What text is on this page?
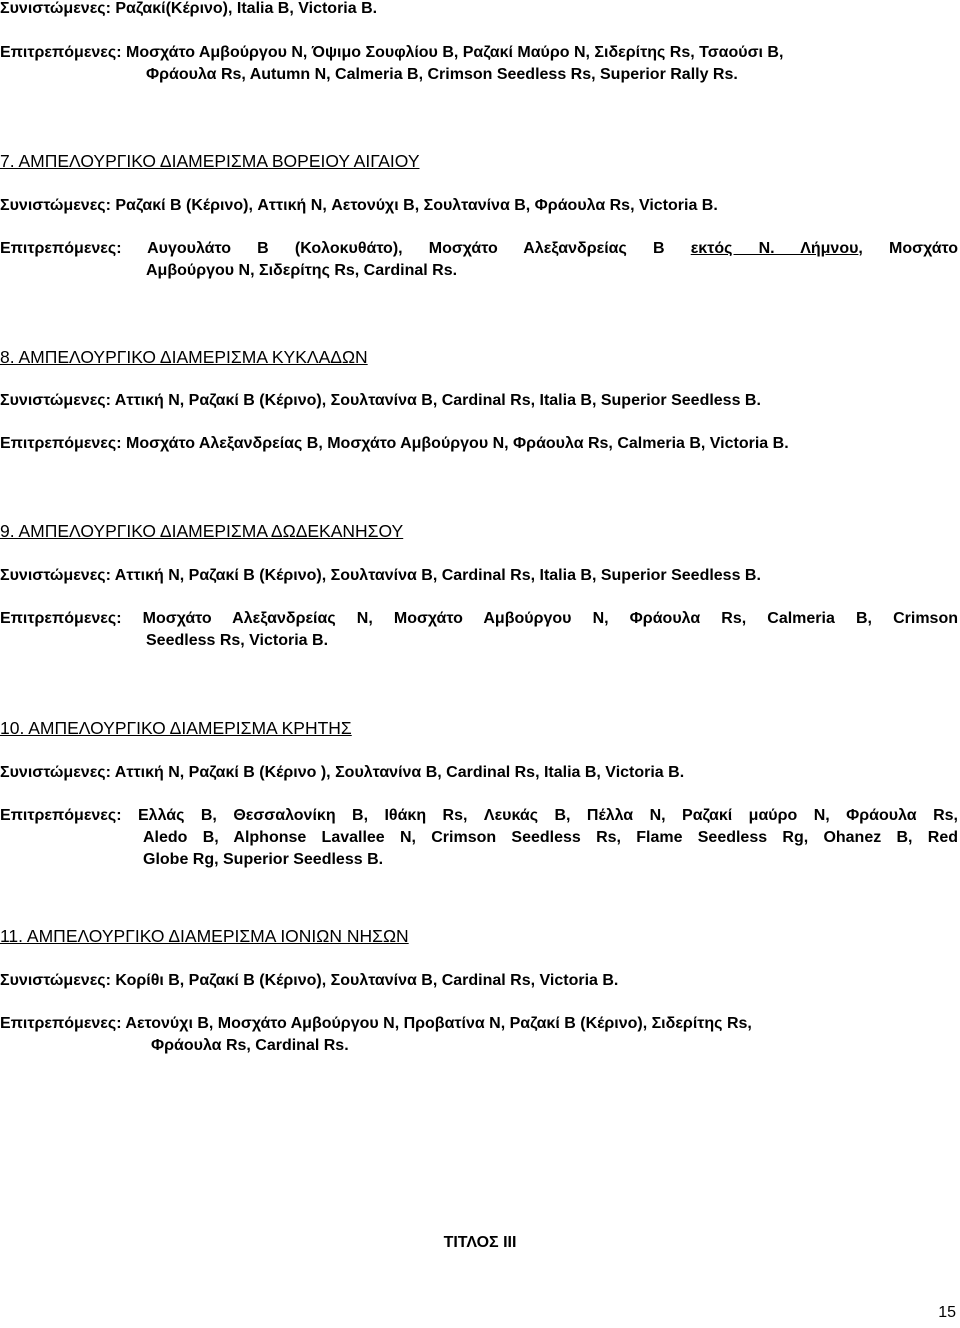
Συνιστώμενες: Ραζακί(Κέρινο), Italia B, Victoria B.
Επιτρεπόμενες: Μοσχάτο Αμβούργου N, Όψιμο Σουφλίου B, Ραζακί Μαύρο N, Σιδερίτης Rs, Τσαούσι B,
Φράουλα Rs, Autumn N, Calmeria B, Crimson Seedless Rs, Superior Rally Rs.
7. ΑΜΠΕΛΟΥΡΓΙΚΟ ΔΙΑΜΕΡΙΣΜΑ ΒΟΡΕΙΟΥ ΑΙΓΑΙΟΥ
Συνιστώμενες: Ραζακί B (Κέρινο), Αττική N, Αετονύχι B, Σουλτανίνα B, Φράουλα Rs, Victoria B.
Επιτρεπόμενες: Αυγουλάτο B (Κολοκυθάτο), Μοσχάτο Αλεξανδρείας B εκτός Ν. Λήμνου, Μοσχάτο
Αμβούργου N, Σιδερίτης Rs, Cardinal Rs.
8. ΑΜΠΕΛΟΥΡΓΙΚΟ ΔΙΑΜΕΡΙΣΜΑ ΚΥΚΛΑΔΩΝ
Συνιστώμενες: Αττική N, Ραζακί B (Κέρινο), Σουλτανίνα B, Cardinal Rs, Italia B, Superior Seedless B.
Επιτρεπόμενες: Μοσχάτο Αλεξανδρείας B, Μοσχάτο Αμβούργου N, Φράουλα Rs, Calmeria B, Victoria B.
9. ΑΜΠΕΛΟΥΡΓΙΚΟ ΔΙΑΜΕΡΙΣΜΑ ΔΩΔΕΚΑΝΗΣΟΥ
Συνιστώμενες: Αττική N, Ραζακί B (Κέρινο), Σουλτανίνα B, Cardinal Rs, Italia B, Superior Seedless B.
Επιτρεπόμενες: Μοσχάτο Αλεξανδρείας N, Μοσχάτο Αμβούργου N, Φράουλα Rs, Calmeria B, Crimson
Seedless Rs, Victoria B.
10. ΑΜΠΕΛΟΥΡΓΙΚΟ ΔΙΑΜΕΡΙΣΜΑ ΚΡΗΤΗΣ
Συνιστώμενες: Αττική N, Ραζακί B (Κέρινο ), Σουλτανίνα B, Cardinal Rs, Italia B, Victoria B.
Επιτρεπόμενες: Ελλάς B, Θεσσαλονίκη B, Ιθάκη Rs, Λευκάς B, Πέλλα N, Ραζακί μαύρο N, Φράουλα Rs,
Aledo B, Alphonse Lavallee N, Crimson Seedless Rs, Flame Seedless Rg, Ohanez B, Red
Globe Rg, Superior Seedless B.
11. ΑΜΠΕΛΟΥΡΓΙΚΟ ΔΙΑΜΕΡΙΣΜΑ ΙΟΝΙΩΝ ΝΗΣΩΝ
Συνιστώμενες: Κορίθι B, Ραζακί B (Κέρινο), Σουλτανίνα B, Cardinal Rs, Victoria B.
Επιτρεπόμενες: Αετονύχι B, Μοσχάτο Αμβούργου N, Προβατίνα N, Ραζακί B (Κέρινο), Σιδερίτης Rs,
Φράουλα Rs, Cardinal Rs.
ΤΙΤΛΟΣ ΙΙΙ
15
